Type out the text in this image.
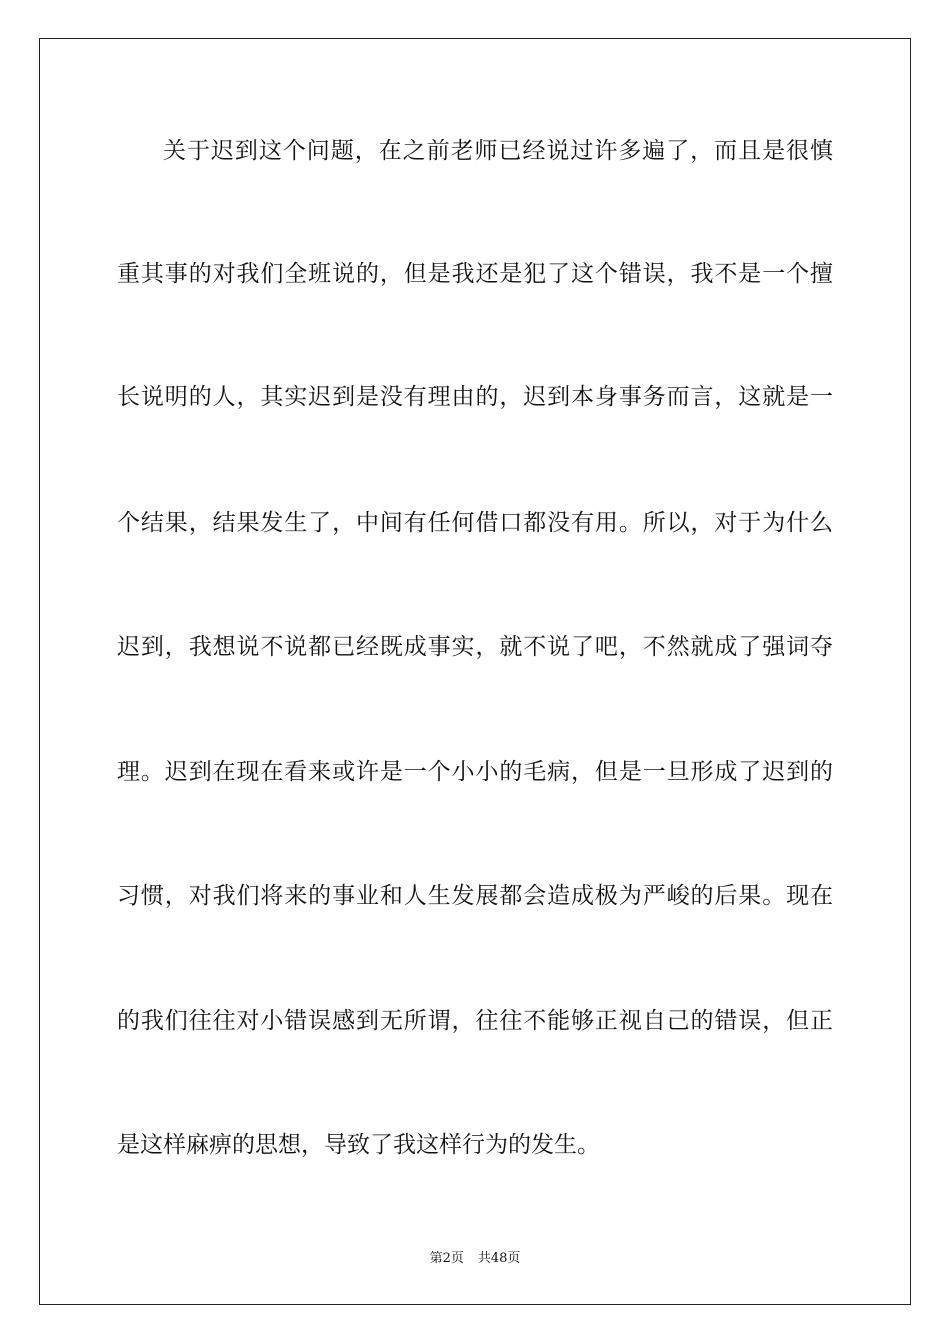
关于迟到这个问题，在之前老师已经说过许多遍了，而且是很慎
重其事的对我们全班说的，但是我还是犯了这个错误，我不是一个擅
长说明的人，其实迟到是没有理由的，迟到本身事务而言，这就是一
个结果，结果发生了，中间有任何借口都没有用。所以，对于为什么
迟到，我想说不说都已经既成事实，就不说了吧，不然就成了强词夺
理。迟到在现在看来或许是一个小小的毛病，但是一旦形成了迟到的
习惯，对我们将来的事业和人生发展都会造成极为严峻的后果。现在
的我们往往对小错误感到无所谓，往往不能够正视自己的错误，但正
是这样麻痹的思想，导致了我这样行为的发生。
第2页 共48页
